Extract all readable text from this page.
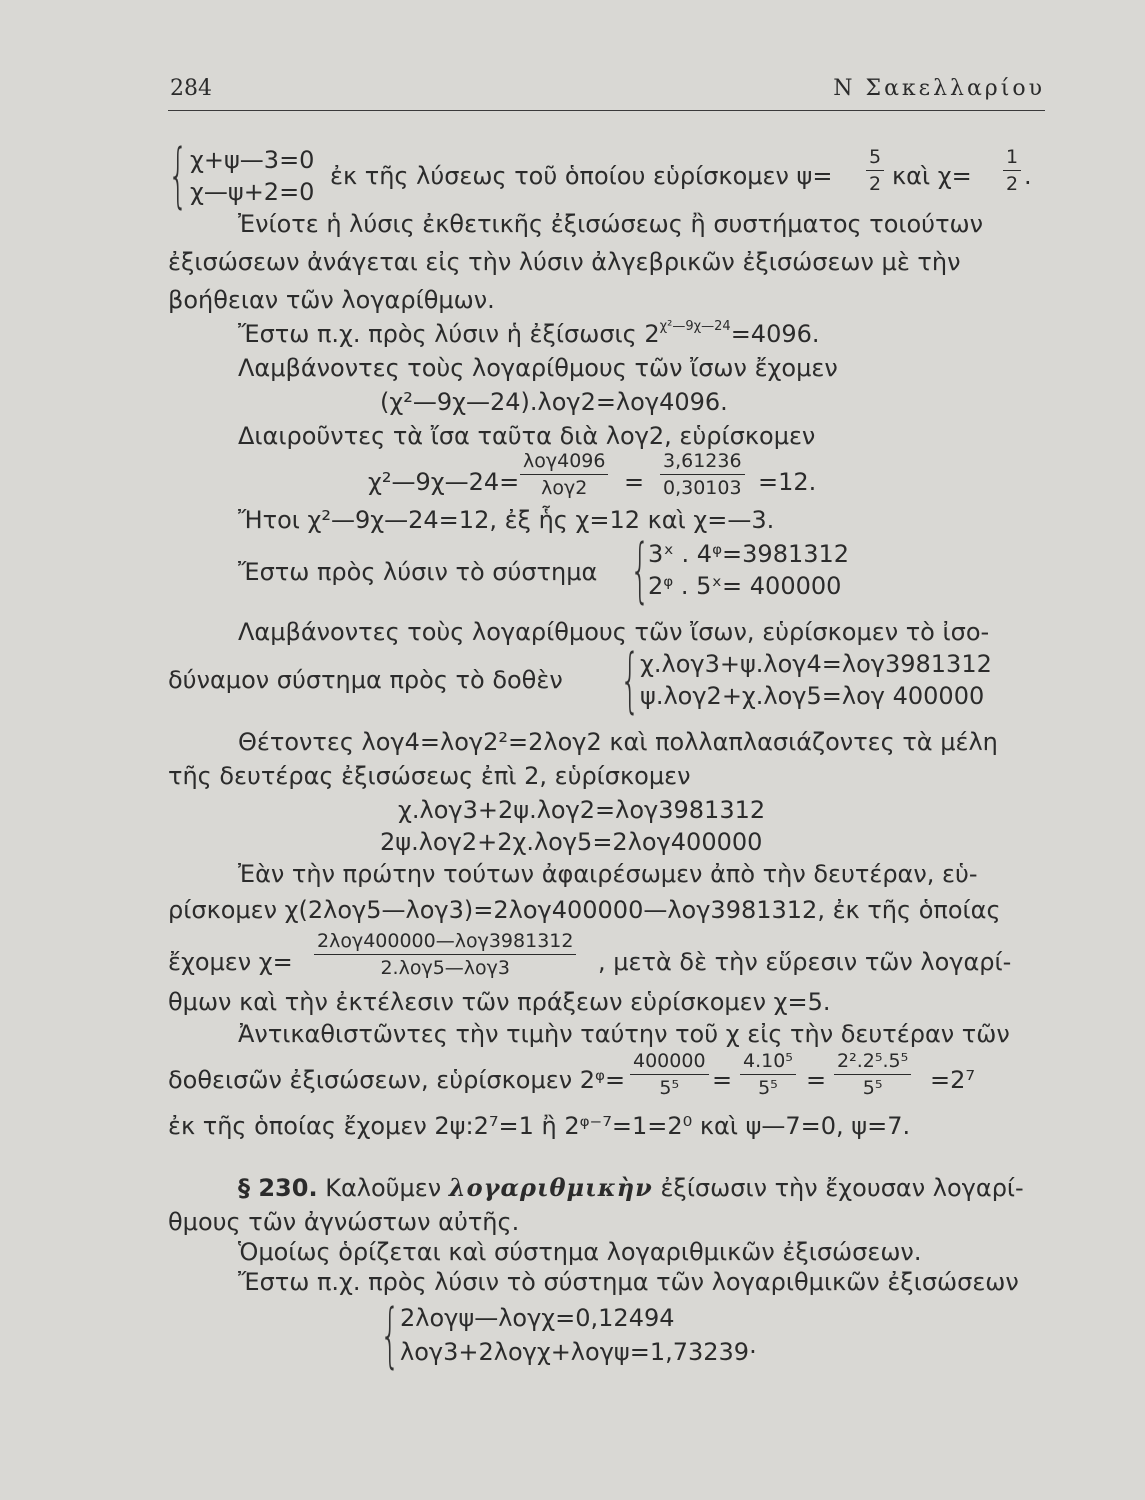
284	Ν Σακελλαρίου
{ χ+ψ—3=0
χ—ψ+2=0
ἐκ τῆς λύσεως τοῦ ὁποίου εὑρίσκομεν $\psi= \frac{5}{2}$ καὶ $\chi= \frac{1}{2}$ .
Ἐνίοτε ἡ λύσις ἐκθετικῆς ἐξισώσεως ἢ συστήματος τοιούτων
ἐξισώσεων ἀνάγεται εἰς τὴν λύσιν ἀλγεβρικῶν ἐξισώσεων μὲ τὴν
βοήθειαν τῶν λογαρίθμων.
Ἔστω π.χ. πρὸς λύσιν ἡ ἐξίσωσις $2^{\chi^2—9\chi—24}=4096$.
Λαμβάνοντες τοὺς λογαρίθμους τῶν ἴσων ἔχομεν
(χ²—9χ—24).λογ2=λογ4096.
Διαιροῦντες τὰ ἴσα ταῦτα διὰ λογ2, εὑρίσκομεν
χ²—9χ—24=
λογ4096
λογ2	= $\frac{3,61236}{0,30103} =12$.
Ἤτοι χ²—9χ—24=12, ἐξ ἧς χ=12 καὶ χ=—3.
Ἔστω πρὸς λύσιν τὸ σύστημα {
3ˣ . 4ᵠ=3981312
2ᵠ . 5ˣ= 400000
Λαμβάνοντες τοὺς λογαρίθμους τῶν ἴσων, εὑρίσκομεν τὸ ἰσο-
δύναμον σύστημα πρὸς τὸ δοθὲν { χ.λογ3+ψ.λογ4=λογ3981312
ψ.λογ2+χ.λογ5=λογ 400000
Θέτοντες λογ4=λογ2²=2λογ2 καὶ πολλαπλασιάζοντες τὰ μέλη
τῆς δευτέρας ἐξισώσεως ἐπὶ 2, εὑρίσκομεν
χ.λογ3+2ψ.λογ2=λογ3981312
2ψ.λογ2+2χ.λογ5=2λογ400000
Ἐὰν τὴν πρώτην τούτων ἀφαιρέσωμεν ἀπὸ τὴν δευτέραν, εὑ-
ρίσκομεν χ(2λογ5—λογ3)=2λογ400000—λογ3981312, ἐκ τῆς ὁποίας
ἔχομεν χ=
2λογ400000—λογ3981312
2.λογ5—λογ3	, μετὰ δὲ τὴν εὕρεσιν τῶν λογαρί-
θμων καὶ τὴν ἐκτέλεσιν τῶν πράξεων εὑρίσκομεν χ=5.
Ἀντικαθιστῶντες τὴν τιμὴν ταύτην τοῦ χ εἰς τὴν δευτέραν τῶν
δοθεισῶν ἐξισώσεων, εὑρίσκομεν 2ᵠ= $\frac{400000}{\text{5⁵}} = \frac{\text{4.10⁵}}{\text{5⁵}} = \frac{\text{2².2⁵.5⁵}}{\text{5⁵}} =2^7$
ἐκ τῆς ὁποίας ἔχομεν 2ψ:2⁷=1 ἢ 2ᵠ⁻⁷=1=2⁰ καὶ ψ—7=0, ψ=7.
§ 230. Καλοῦμεν λογαριθμικὴν ἐξίσωσιν τὴν ἔχουσαν λογαρί-
θμους τῶν ἀγνώστων αὐτῆς.
Ὁμοίως ὁρίζεται καὶ σύστημα λογαριθμικῶν ἐξισώσεων.
Ἔστω π.χ. πρὸς λύσιν τὸ σύστημα τῶν λογαριθμικῶν ἐξισώσεων
{ 2λογψ—λογχ=0,12494
λογ3+2λογχ+λογψ=1,73239·
